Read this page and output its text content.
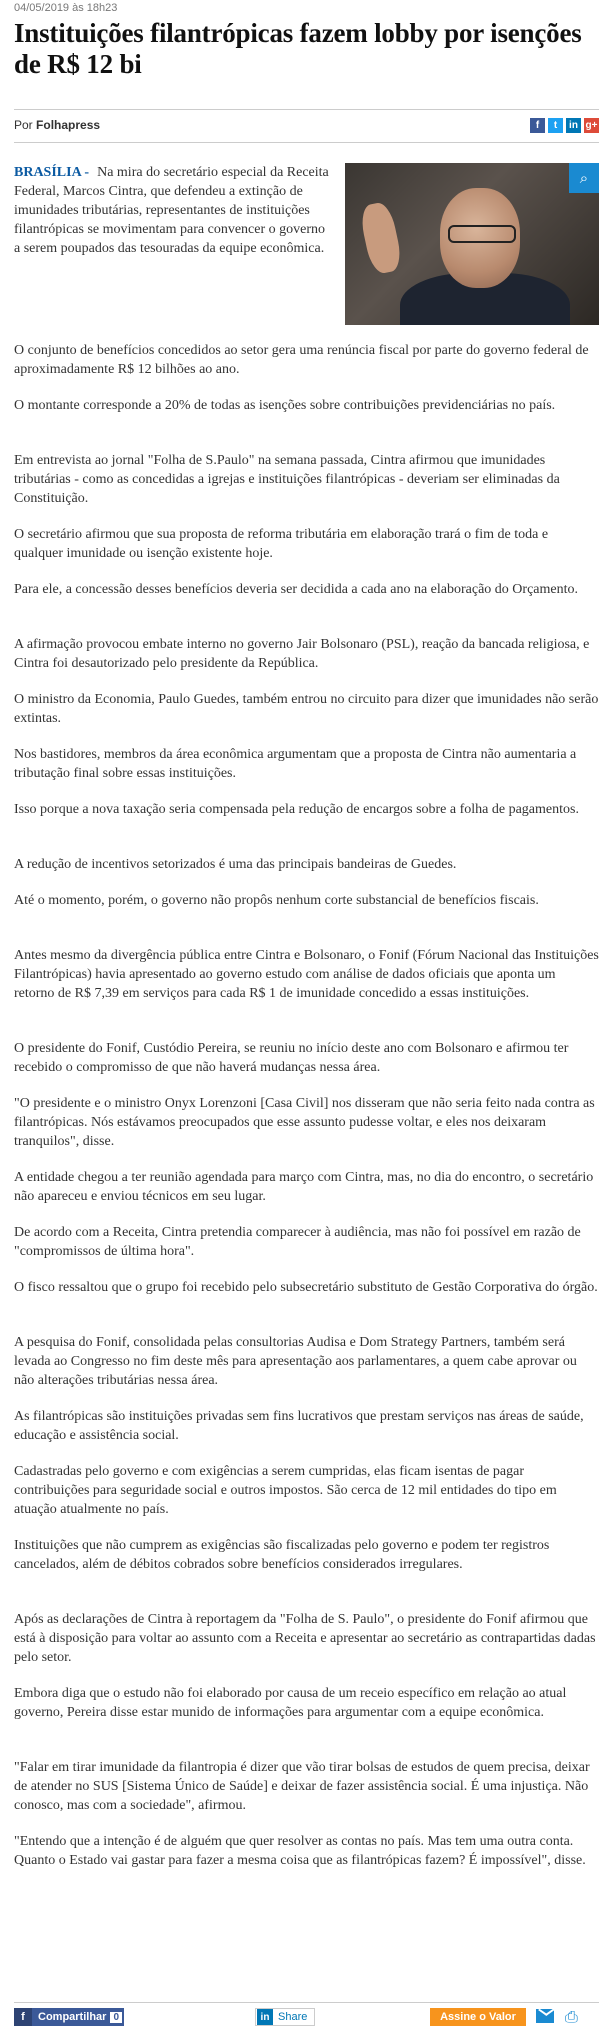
04/05/2019 às 18h23
Instituições filantrópicas fazem lobby por isenções de R$ 12 bi
Por Folhapress	f	t	in g+

BRASÍLIA - Na mira do secretário especial da Receita Federal, Marcos Cintra, que defendeu a extinção de imunidades tributárias, representantes de instituições filantrópicas se movimentam para convencer o governo a serem poupados das tesouradas da equipe econômica.

⌕

O conjunto de benefícios concedidos ao setor gera uma renúncia fiscal por parte do governo federal de aproximadamente R$ 12 bilhões ao ano.

O montante corresponde a 20% de todas as isenções sobre contribuições previdenciárias no país.

Em entrevista ao jornal "Folha de S.Paulo" na semana passada, Cintra afirmou que imunidades tributárias - como as concedidas a igrejas e instituições filantrópicas - deveriam ser eliminadas da Constituição.

O secretário afirmou que sua proposta de reforma tributária em elaboração trará o fim de toda e qualquer imunidade ou isenção existente hoje.

Para ele, a concessão desses benefícios deveria ser decidida a cada ano na elaboração do Orçamento.

A afirmação provocou embate interno no governo Jair Bolsonaro (PSL), reação da bancada religiosa, e Cintra foi desautorizado pelo presidente da República.

O ministro da Economia, Paulo Guedes, também entrou no circuito para dizer que imunidades não serão extintas.

Nos bastidores, membros da área econômica argumentam que a proposta de Cintra não aumentaria a tributação final sobre essas instituições.

Isso porque a nova taxação seria compensada pela redução de encargos sobre a folha de pagamentos.

A redução de incentivos setorizados é uma das principais bandeiras de Guedes.

Até o momento, porém, o governo não propôs nenhum corte substancial de benefícios fiscais.

Antes mesmo da divergência pública entre Cintra e Bolsonaro, o Fonif (Fórum Nacional das Instituições Filantrópicas) havia apresentado ao governo estudo com análise de dados oficiais que aponta um retorno de R$ 7,39 em serviços para cada R$ 1 de imunidade concedido a essas instituições.

O presidente do Fonif, Custódio Pereira, se reuniu no início deste ano com Bolsonaro e afirmou ter recebido o compromisso de que não haverá mudanças nessa área.

"O presidente e o ministro Onyx Lorenzoni [Casa Civil] nos disseram que não seria feito nada contra as filantrópicas. Nós estávamos preocupados que esse assunto pudesse voltar, e eles nos deixaram tranquilos", disse.

A entidade chegou a ter reunião agendada para março com Cintra, mas, no dia do encontro, o secretário não apareceu e enviou técnicos em seu lugar.

De acordo com a Receita, Cintra pretendia comparecer à audiência, mas não foi possível em razão de "compromissos de última hora".

O fisco ressaltou que o grupo foi recebido pelo subsecretário substituto de Gestão Corporativa do órgão.

A pesquisa do Fonif, consolidada pelas consultorias Audisa e Dom Strategy Partners, também será levada ao Congresso no fim deste mês para apresentação aos parlamentares, a quem cabe aprovar ou não alterações tributárias nessa área.

As filantrópicas são instituições privadas sem fins lucrativos que prestam serviços nas áreas de saúde, educação e assistência social.

Cadastradas pelo governo e com exigências a serem cumpridas, elas ficam isentas de pagar contribuições para seguridade social e outros impostos. São cerca de 12 mil entidades do tipo em atuação atualmente no país.

Instituições que não cumprem as exigências são fiscalizadas pelo governo e podem ter registros cancelados, além de débitos cobrados sobre benefícios considerados irregulares.

Após as declarações de Cintra à reportagem da "Folha de S. Paulo", o presidente do Fonif afirmou que está à disposição para voltar ao assunto com a Receita e apresentar ao secretário as contrapartidas dadas pelo setor.

Embora diga que o estudo não foi elaborado por causa de um receio específico em relação ao atual governo, Pereira disse estar munido de informações para argumentar com a equipe econômica.

"Falar em tirar imunidade da filantropia é dizer que vão tirar bolsas de estudos de quem precisa, deixar de atender no SUS [Sistema Único de Saúde] e deixar de fazer assistência social. É uma injustiça. Não conosco, mas com a sociedade", afirmou.

"Entendo que a intenção é de alguém que quer resolver as contas no país. Mas tem uma outra conta. Quanto o Estado vai gastar para fazer a mesma coisa que as filantrópicas fazem? É impossível", disse.

f	Compartilhar 0	in Share	Assine o Valor	⎙
